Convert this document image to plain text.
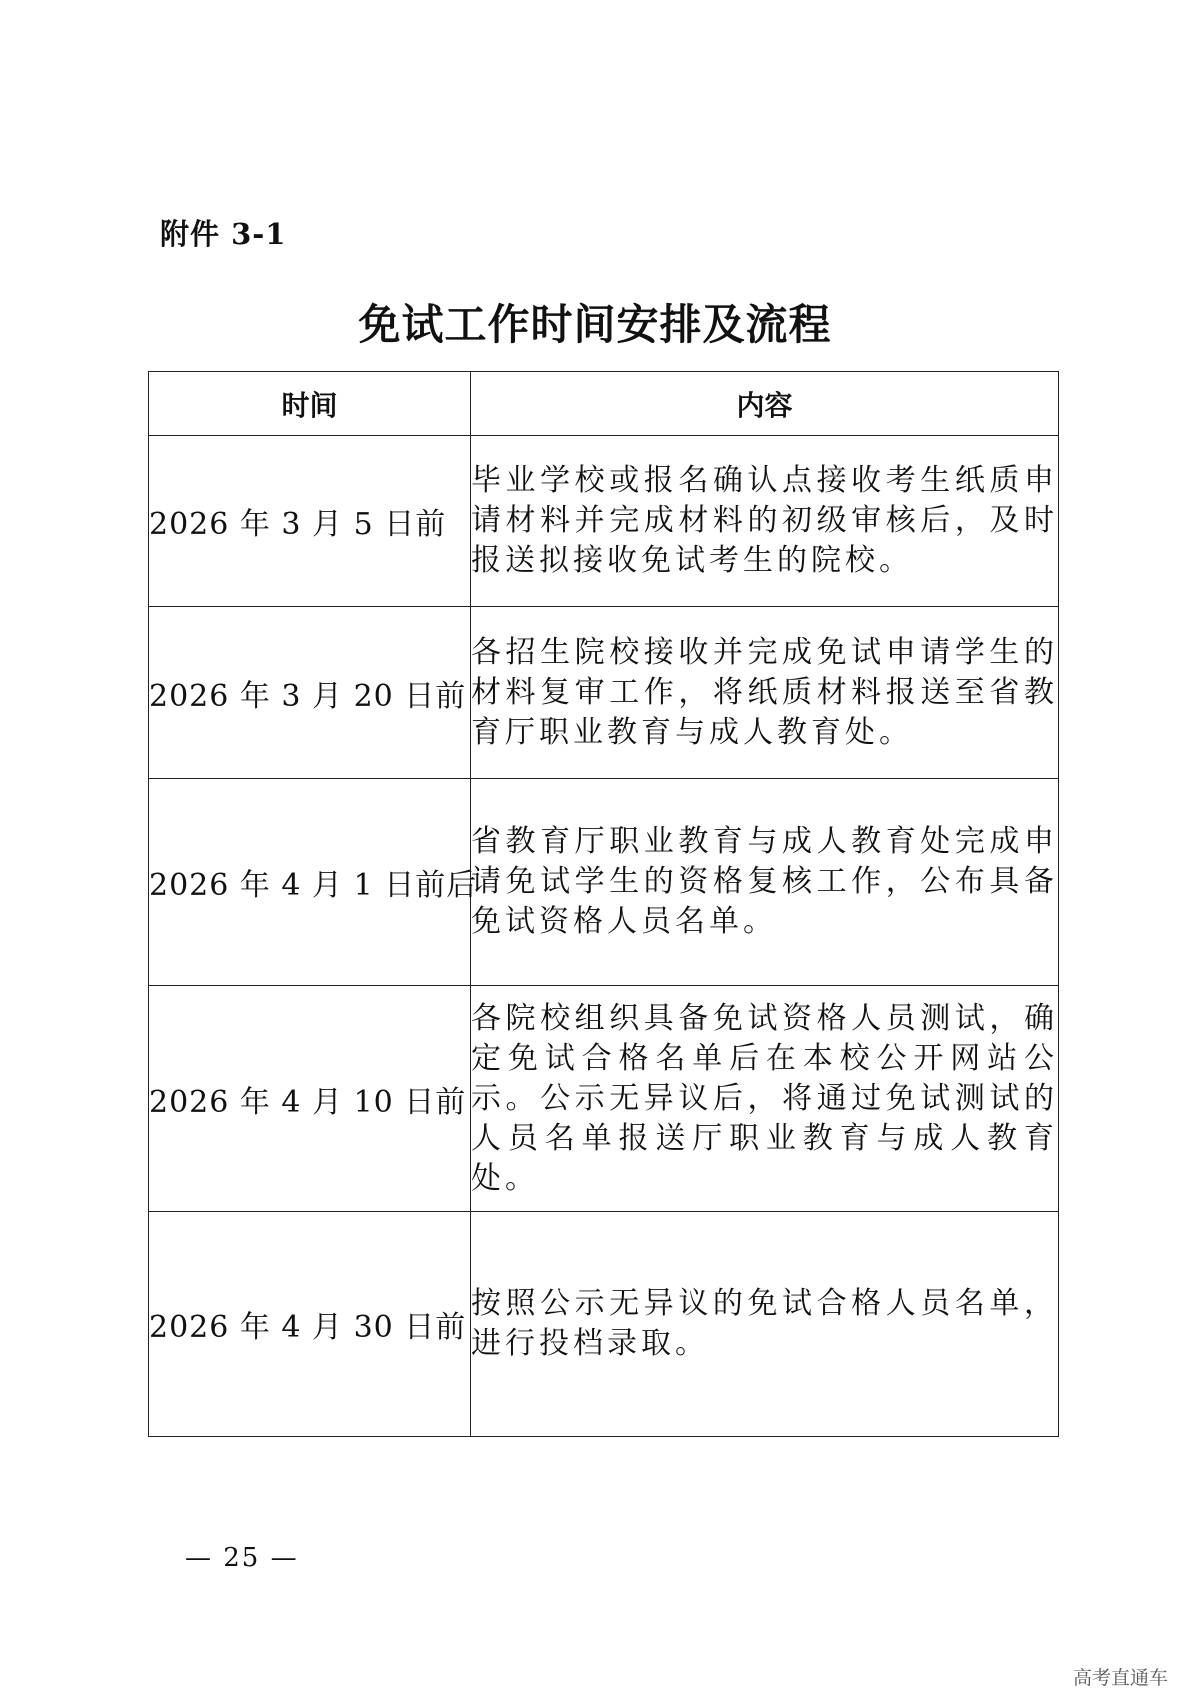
附件 3-1
免试工作时间安排及流程
时间	内容
2026 年 3 月 5 日前	毕业学校或报名确认点接收考生纸质申请材料并完成材料的初级审核后，及时报送拟接收免试考生的院校。
2026 年 3 月 20 日前	各招生院校接收并完成免试申请学生的材料复审工作，将纸质材料报送至省教育厅职业教育与成人教育处。
2026 年 4 月 1 日前后	省教育厅职业教育与成人教育处完成申请免试学生的资格复核工作，公布具备免试资格人员名单。
2026 年 4 月 10 日前	各院校组织具备免试资格人员测试，确定免试合格名单后在本校公开网站公示。公示无异议后，将通过免试测试的人员名单报送厅职业教育与成人教育处。
2026 年 4 月 30 日前	按照公示无异议的免试合格人员名单，进行投档录取。
— 25 —
高考直通车
